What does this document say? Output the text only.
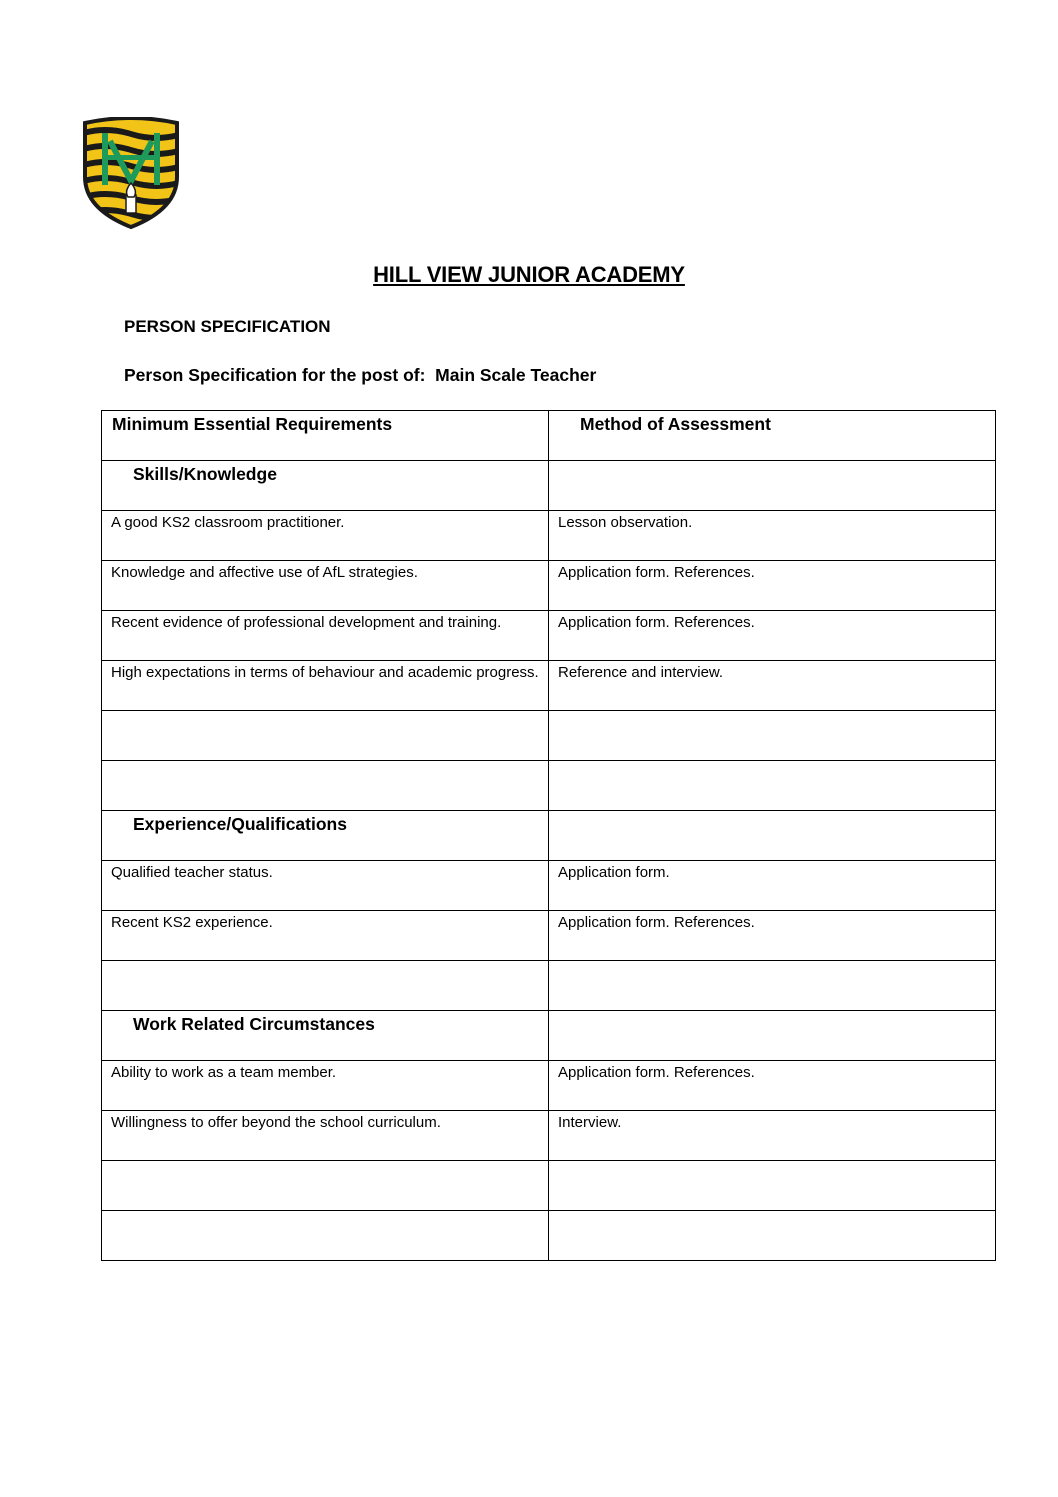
HILL VIEW JUNIOR ACADEMY
PERSON SPECIFICATION
Person Specification for the post of: Main Scale Teacher
Minimum Essential Requirements	Method of Assessment

Skills/Knowledge	

A good KS2 classroom practitioner.	Lesson observation.

Knowledge and affective use of AfL strategies.	Application form. References.

Recent evidence of professional development and training.	Application form. References.

High expectations in terms of behaviour and academic progress.	Reference and interview.

Experience/Qualifications	

Qualified teacher status.	Application form.

Recent KS2 experience.	Application form. References.

Work Related Circumstances	

Ability to work as a team member.	Application form. References.

Willingness to offer beyond the school curriculum.	Interview.
